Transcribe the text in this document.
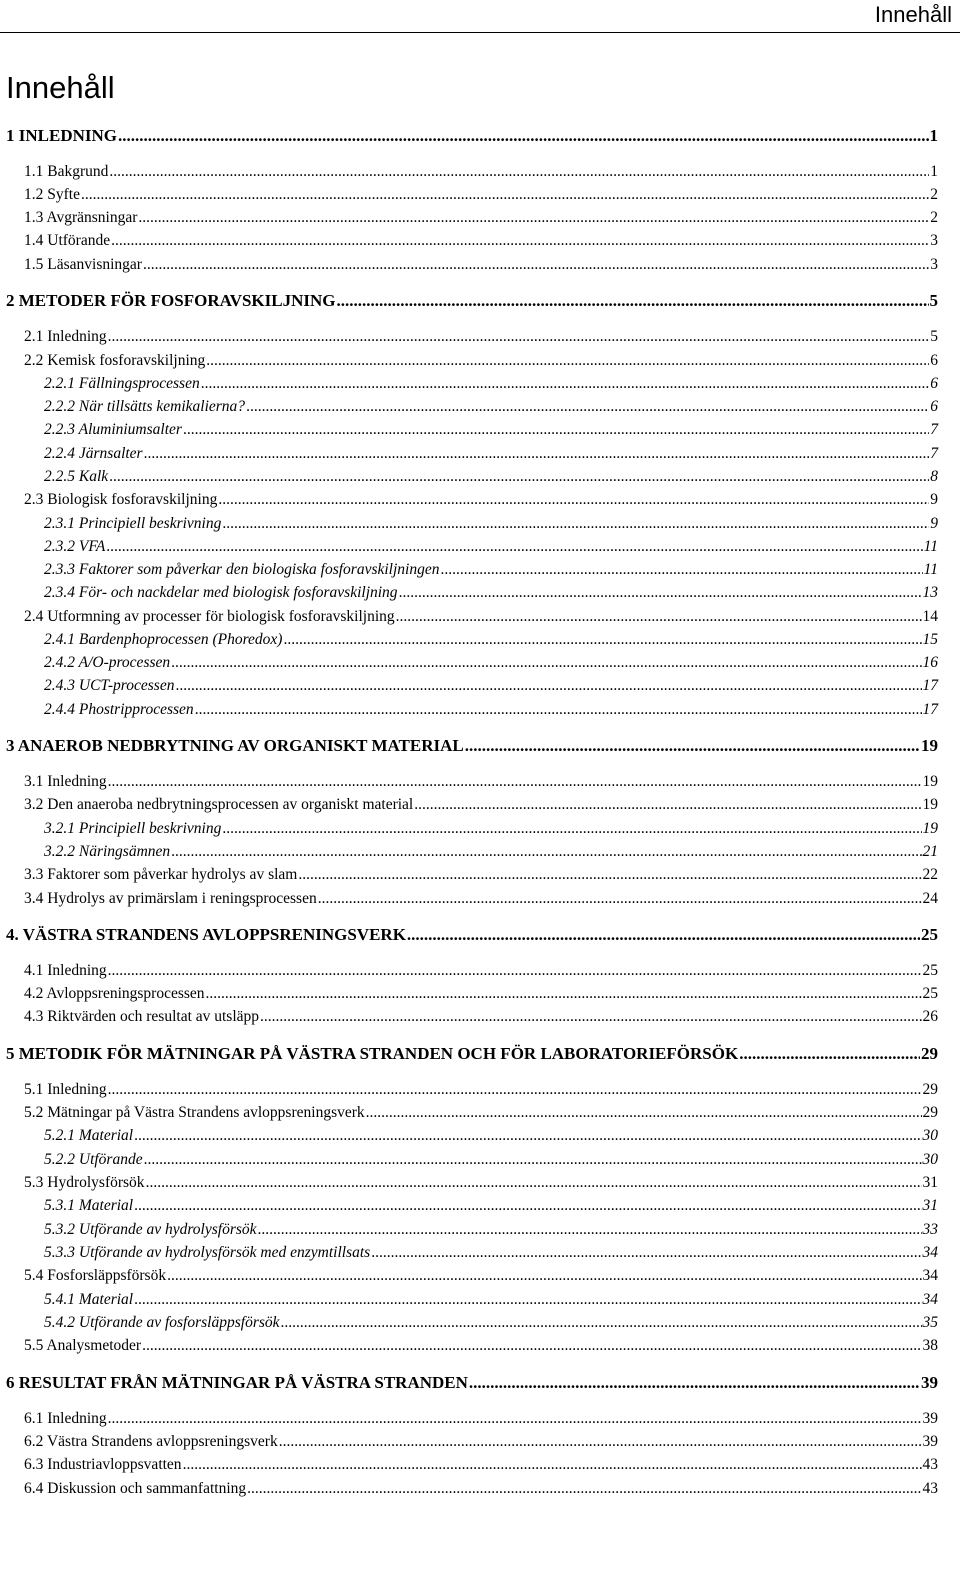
Innehåll
Innehåll
1 INLEDNING .....	1
1.1 Bakgrund .....	1
1.2 Syfte .....	2
1.3 Avgränsningar .....	2
1.4 Utförande .....	3
1.5 Läsanvisningar .....	3
2 METODER FÖR FOSFORAVSKILJNING .....	5
2.1 Inledning .....	5
2.2 Kemisk fosforavskiljning .....	6
2.2.1 Fällningsprocessen .....	6
2.2.2 När tillsätts kemikalierna? .....	6
2.2.3 Aluminiumsalter .....	7
2.2.4 Järnsalter .....	7
2.2.5 Kalk .....	8
2.3 Biologisk fosforavskiljning .....	9
2.3.1 Principiell beskrivning .....	9
2.3.2 VFA .....	11
2.3.3 Faktorer som påverkar den biologiska fosforavskiljningen .....	11
2.3.4 För- och nackdelar med biologisk fosforavskiljning .....	13
2.4 Utformning av processer för biologisk fosforavskiljning .....	14
2.4.1 Bardenphoprocessen (Phoredox) .....	15
2.4.2 A/O-processen .....	16
2.4.3 UCT-processen .....	17
2.4.4 Phostripprocessen .....	17
3 ANAEROB NEDBRYTNING AV ORGANISKT MATERIAL .....	19
3.1 Inledning .....	19
3.2 Den anaeroba nedbrytningsprocessen av organiskt material .....	19
3.2.1 Principiell beskrivning .....	19
3.2.2 Näringsämnen .....	21
3.3 Faktorer som påverkar hydrolys av slam .....	22
3.4 Hydrolys av primärslam i reningsprocessen .....	24
4. VÄSTRA STRANDENS AVLOPPSRENINGSVERK .....	25
4.1 Inledning .....	25
4.2 Avloppsreningsprocessen .....	25
4.3 Riktvärden och resultat av utsläpp .....	26
5 METODIK FÖR MÄTNINGAR PÅ VÄSTRA STRANDEN OCH FÖR LABORATORIEFÖRSÖK .....	29
5.1 Inledning .....	29
5.2 Mätningar på Västra Strandens avloppsreningsverk .....	29
5.2.1 Material .....	30
5.2.2 Utförande .....	30
5.3 Hydrolysförsök .....	31
5.3.1 Material .....	31
5.3.2 Utförande av hydrolysförsök .....	33
5.3.3 Utförande av hydrolysförsök med enzymtillsats .....	34
5.4 Fosforsläppsförsök .....	34
5.4.1 Material .....	34
5.4.2 Utförande av fosforsläppsförsök .....	35
5.5 Analysmetoder .....	38
6 RESULTAT FRÅN MÄTNINGAR PÅ VÄSTRA STRANDEN .....	39
6.1 Inledning .....	39
6.2 Västra Strandens avloppsreningsverk .....	39
6.3 Industriavloppsvatten .....	43
6.4 Diskussion och sammanfattning .....	43
